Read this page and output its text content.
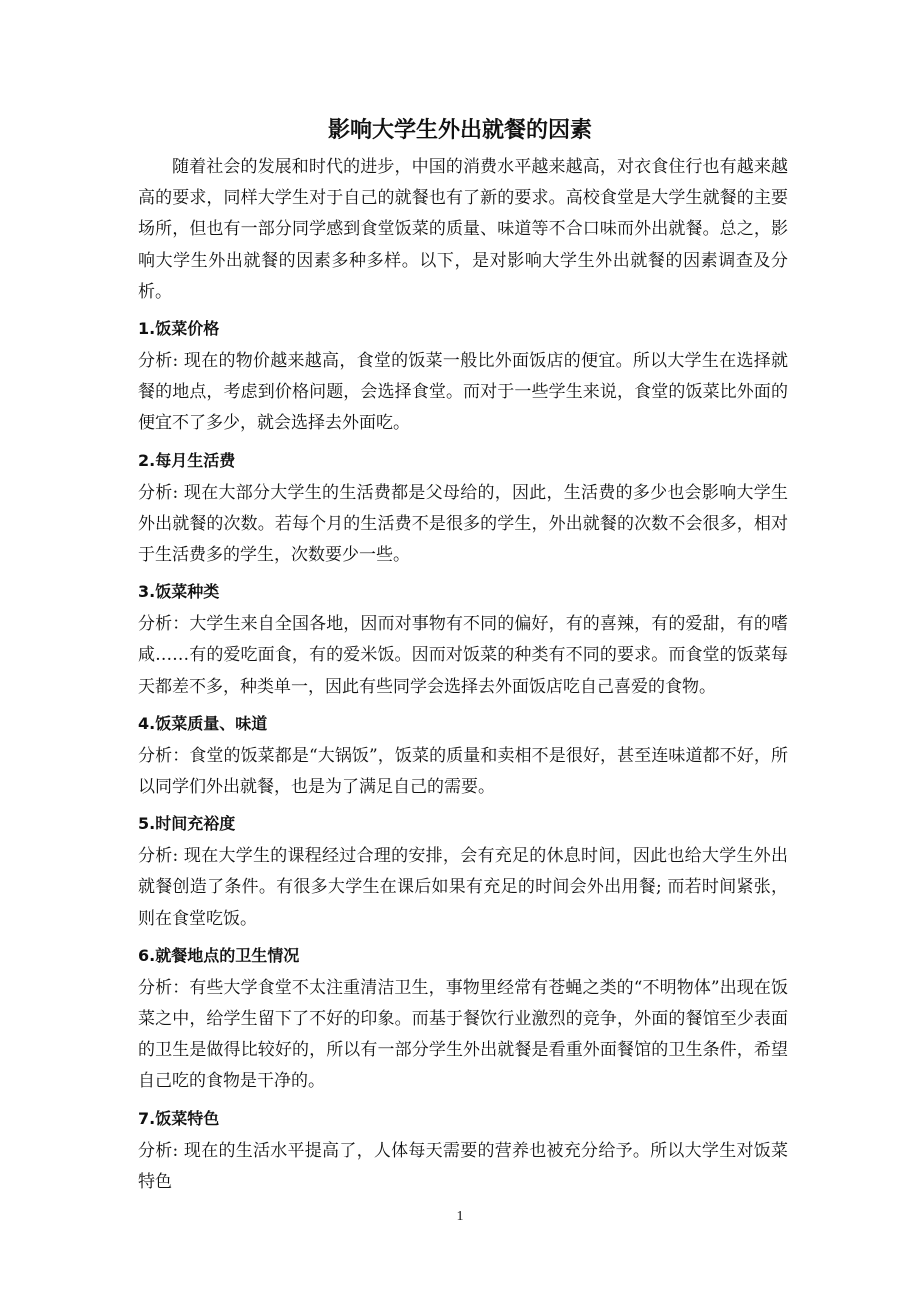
影响大学生外出就餐的因素

随着社会的发展和时代的进步，中国的消费水平越来越高，对衣食住行也有越来越高的要求，同样大学生对于自己的就餐也有了新的要求。高校食堂是大学生就餐的主要场所，但也有一部分同学感到食堂饭菜的质量、味道等不合口味而外出就餐。总之，影响大学生外出就餐的因素多种多样。以下，是对影响大学生外出就餐的因素调查及分析。

1.饭菜价格

分析: 现在的物价越来越高，食堂的饭菜一般比外面饭店的便宜。所以大学生在选择就餐的地点，考虑到价格问题，会选择食堂。而对于一些学生来说，食堂的饭菜比外面的便宜不了多少，就会选择去外面吃。

2.每月生活费

分析: 现在大部分大学生的生活费都是父母给的，因此，生活费的多少也会影响大学生外出就餐的次数。若每个月的生活费不是很多的学生，外出就餐的次数不会很多，相对于生活费多的学生，次数要少一些。

3.饭菜种类

分析：大学生来自全国各地，因而对事物有不同的偏好，有的喜辣，有的爱甜，有的嗜咸……有的爱吃面食，有的爱米饭。因而对饭菜的种类有不同的要求。而食堂的饭菜每天都差不多，种类单一，因此有些同学会选择去外面饭店吃自己喜爱的食物。

4.饭菜质量、味道

分析：食堂的饭菜都是“大锅饭”，饭菜的质量和卖相不是很好，甚至连味道都不好，所以同学们外出就餐，也是为了满足自己的需要。

5.时间充裕度

分析: 现在大学生的课程经过合理的安排，会有充足的休息时间，因此也给大学生外出就餐创造了条件。有很多大学生在课后如果有充足的时间会外出用餐; 而若时间紧张，则在食堂吃饭。

6.就餐地点的卫生情况

分析：有些大学食堂不太注重清洁卫生，事物里经常有苍蝇之类的“不明物体”出现在饭菜之中，给学生留下了不好的印象。而基于餐饮行业激烈的竞争，外面的餐馆至少表面的卫生是做得比较好的，所以有一部分学生外出就餐是看重外面餐馆的卫生条件，希望自己吃的食物是干净的。

7.饭菜特色

分析: 现在的生活水平提高了，人体每天需要的营养也被充分给予。所以大学生对饭菜特色

1
